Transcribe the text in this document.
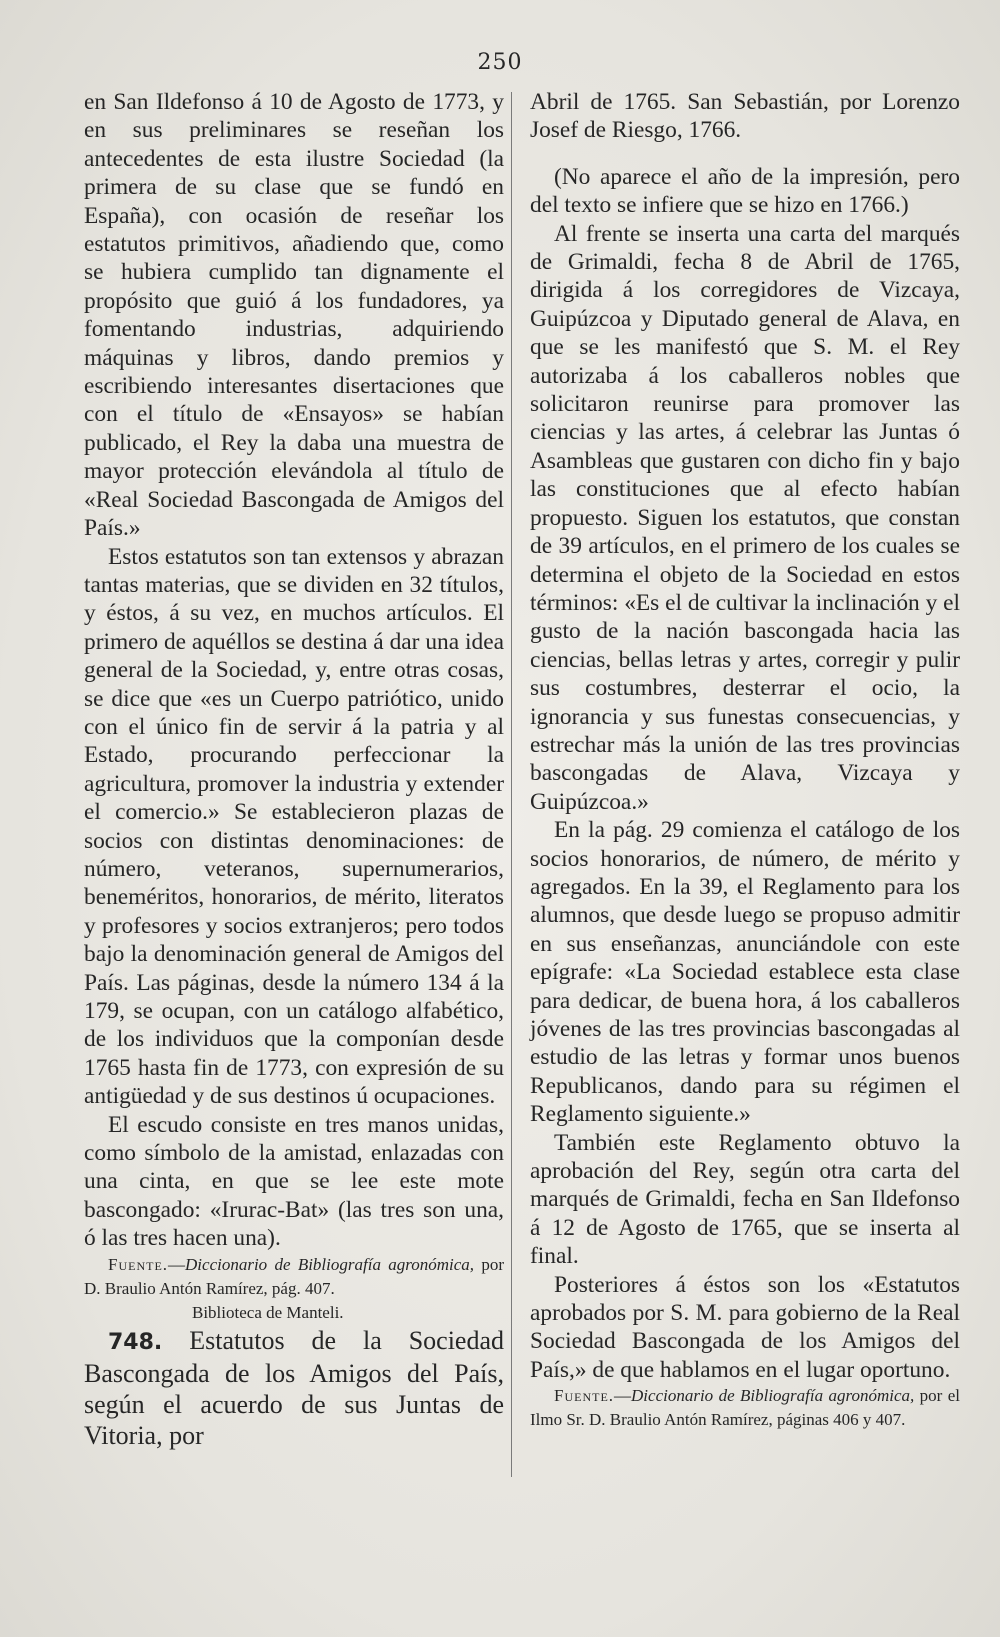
250

en San Ildefonso á 10 de Agosto de 1773, y en sus preliminares se reseñan los antecedentes de esta ilustre Sociedad (la primera de su clase que se fundó en España), con ocasión de reseñar los estatutos primitivos, añadiendo que, como se hubiera cumplido tan dignamente el propósito que guió á los fundadores, ya fomentando industrias, adquiriendo máquinas y libros, dando premios y escribiendo interesantes disertaciones que con el título de «Ensayos» se habían publicado, el Rey la daba una muestra de mayor protección elevándola al título de «Real Sociedad Bascongada de Amigos del País.»

Estos estatutos son tan extensos y abrazan tantas materias, que se dividen en 32 títulos, y éstos, á su vez, en muchos artículos. El primero de aquéllos se destina á dar una idea general de la Sociedad, y, entre otras cosas, se dice que «es un Cuerpo patriótico, unido con el único fin de servir á la patria y al Estado, procurando perfeccionar la agricultura, promover la industria y extender el comercio.» Se establecieron plazas de socios con distintas denominaciones: de número, veteranos, supernumerarios, beneméritos, honorarios, de mérito, literatos y profesores y socios extranjeros; pero todos bajo la denominación general de Amigos del País. Las páginas, desde la número 134 á la 179, se ocupan, con un catálogo alfabético, de los individuos que la componían desde 1765 hasta fin de 1773, con expresión de su antigüedad y de sus destinos ú ocupaciones.

El escudo consiste en tres manos unidas, como símbolo de la amistad, enlazadas con una cinta, en que se lee este mote bascongado: «Irurac-Bat» (las tres son una, ó las tres hacen una).

Fuente.—Diccionario de Bibliografía agronómica, por D. Braulio Antón Ramírez, pág. 407.

Biblioteca de Manteli.

748. Estatutos de la Sociedad Bascongada de los Amigos del País, según el acuerdo de sus Juntas de Vitoria, por

Abril de 1765. San Sebastián, por Lorenzo Josef de Riesgo, 1766.

(No aparece el año de la impresión, pero del texto se infiere que se hizo en 1766.)

Al frente se inserta una carta del marqués de Grimaldi, fecha 8 de Abril de 1765, dirigida á los corregidores de Vizcaya, Guipúzcoa y Diputado general de Alava, en que se les manifestó que S. M. el Rey autorizaba á los caballeros nobles que solicitaron reunirse para promover las ciencias y las artes, á celebrar las Juntas ó Asambleas que gustaren con dicho fin y bajo las constituciones que al efecto habían propuesto. Siguen los estatutos, que constan de 39 artículos, en el primero de los cuales se determina el objeto de la Sociedad en estos términos: «Es el de cultivar la inclinación y el gusto de la nación bascongada hacia las ciencias, bellas letras y artes, corregir y pulir sus costumbres, desterrar el ocio, la ignorancia y sus funestas consecuencias, y estrechar más la unión de las tres provincias bascongadas de Alava, Vizcaya y Guipúzcoa.»

En la pág. 29 comienza el catálogo de los socios honorarios, de número, de mérito y agregados. En la 39, el Reglamento para los alumnos, que desde luego se propuso admitir en sus enseñanzas, anunciándole con este epígrafe: «La Sociedad establece esta clase para dedicar, de buena hora, á los caballeros jóvenes de las tres provincias bascongadas al estudio de las letras y formar unos buenos Republicanos, dando para su régimen el Reglamento siguiente.»

También este Reglamento obtuvo la aprobación del Rey, según otra carta del marqués de Grimaldi, fecha en San Ildefonso á 12 de Agosto de 1765, que se inserta al final.

Posteriores á éstos son los «Estatutos aprobados por S. M. para gobierno de la Real Sociedad Bascongada de los Amigos del País,» de que hablamos en el lugar oportuno.

Fuente.—Diccionario de Bibliografía agronómica, por el Ilmo Sr. D. Braulio Antón Ramírez, páginas 406 y 407.
